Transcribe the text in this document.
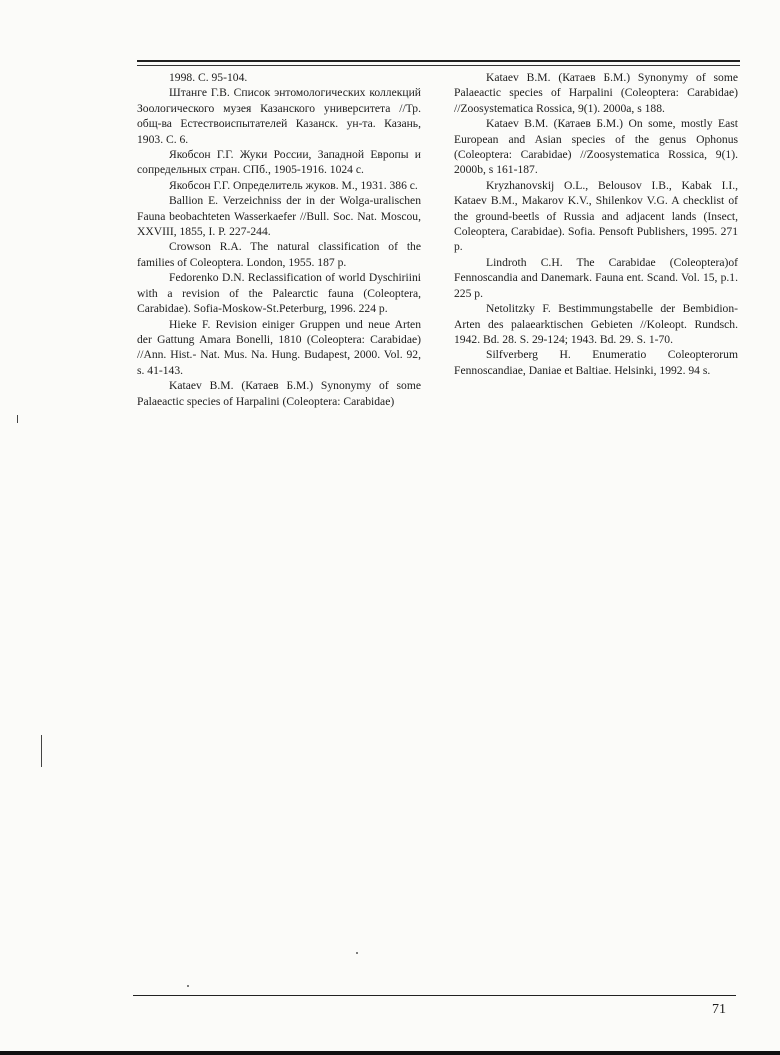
1998. С. 95-104.

Штанге Г.В. Список энтомологических коллекций Зоологического музея Казанского университета //Тр. общ-ва Естествоиспытателей Казанск. ун-та. Казань, 1903. С. 6.

Якобсон Г.Г. Жуки России, Западной Европы и сопредельных стран. СПб., 1905-1916. 1024 с.

Якобсон Г.Г. Определитель жуков. М., 1931. 386 с.

Ballion E. Verzeichniss der in der Wolga-uralischen Fauna beobachteten Wasserkaefer //Bull. Soc. Nat. Moscou, XXVIII, 1855, I. P. 227-244.

Crowson R.A. The natural classification of the families of Coleoptera. London, 1955. 187 p.

Fedorenko D.N. Reclassification of world Dyschiriini with a revision of the Palearctic fauna (Coleoptera, Carabidae). Sofia-Moskow-St.Peterburg, 1996. 224 p.

Hieke F. Revision einiger Gruppen und neue Arten der Gattung Amara Bonelli, 1810 (Coleoptera: Carabidae) //Ann. Hist.- Nat. Mus. Na. Hung. Budapest, 2000. Vol. 92, s. 41-143.

Kataev B.M. (Катаев Б.М.) Synonymy of some Palaeactic species of Harpalini (Coleoptera: Carabidae)

Kataev B.M. (Катаев Б.М.) Synonymy of some Palaeactic species of Harpalini (Coleoptera: Carabidae) //Zoosystematica Rossica, 9(1). 2000a, s 188.

Kataev B.M. (Катаев Б.М.) On some, mostly East European and Asian species of the genus Ophonus (Coleoptera: Carabidae) //Zoosystematica Rossica, 9(1). 2000b, s 161-187.

Kryzhanovskij O.L., Belousov I.B., Kabak I.I., Kataev B.M., Makarov K.V., Shilenkov V.G. A checklist of the ground-beetls of Russia and adjacent lands (Insect, Coleoptera, Carabidae). Sofia. Pensoft Publishers, 1995. 271 p.

Lindroth C.H. The Carabidae (Coleoptera)of Fennoscandia and Danemark. Fauna ent. Scand. Vol. 15, p.1. 225 p.

Netolitzky F. Bestimmungstabelle der Bembidion-Arten des palaearktischen Gebieten //Koleopt. Rundsch. 1942. Bd. 28. S. 29-124; 1943. Bd. 29. S. 1-70.

Silfverberg H. Enumeratio Coleopterorum Fennoscandiae, Daniae et Baltiae. Helsinki, 1992. 94 s.

71
